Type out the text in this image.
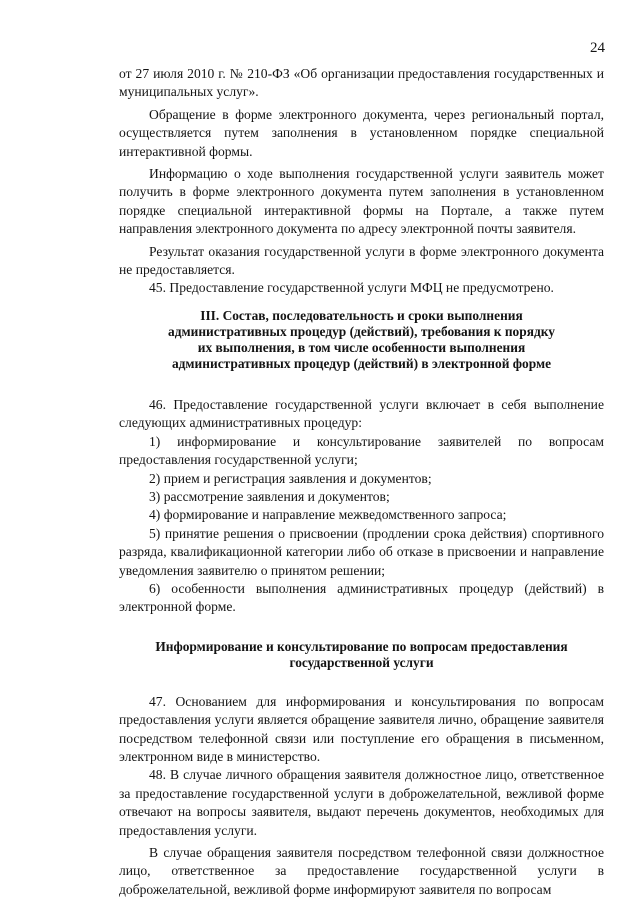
24

от 27 июля 2010 г. № 210-ФЗ «Об организации предоставления государственных и муниципальных услуг».

Обращение в форме электронного документа, через региональный портал, осуществляется путем заполнения в установленном порядке специальной интерактивной формы.

Информацию о ходе выполнения государственной услуги заявитель может получить в форме электронного документа путем заполнения в установленном порядке специальной интерактивной формы на Портале, а также путем направления электронного документа по адресу электронной почты заявителя.

Результат оказания государственной услуги в форме электронного документа не предоставляется.

45. Предоставление государственной услуги МФЦ не предусмотрено.

III. Состав, последовательность и сроки выполнения
административных процедур (действий), требования к порядку
их выполнения, в том числе особенности выполнения
административных процедур (действий) в электронной форме

46. Предоставление государственной услуги включает в себя выполнение следующих административных процедур:

1) информирование и консультирование заявителей по вопросам предоставления государственной услуги;

2) прием и регистрация заявления и документов;

3) рассмотрение заявления и документов;

4) формирование и направление межведомственного запроса;

5) принятие решения о присвоении (продлении срока действия) спортивного разряда, квалификационной категории либо об отказе в присвоении и направление уведомления заявителю о принятом решении;

6) особенности выполнения административных процедур (действий) в электронной форме.

Информирование и консультирование по вопросам предоставления
государственной услуги

47. Основанием для информирования и консультирования по вопросам предоставления услуги является обращение заявителя лично, обращение заявителя посредством телефонной связи или поступление его обращения в письменном, электронном виде в министерство.

48. В случае личного обращения заявителя должностное лицо, ответственное за предоставление государственной услуги в доброжелательной, вежливой форме отвечают на вопросы заявителя, выдают перечень документов, необходимых для предоставления услуги.

В случае обращения заявителя посредством телефонной связи должностное лицо, ответственное за предоставление государственной услуги в доброжелательной, вежливой форме информируют заявителя по вопросам
